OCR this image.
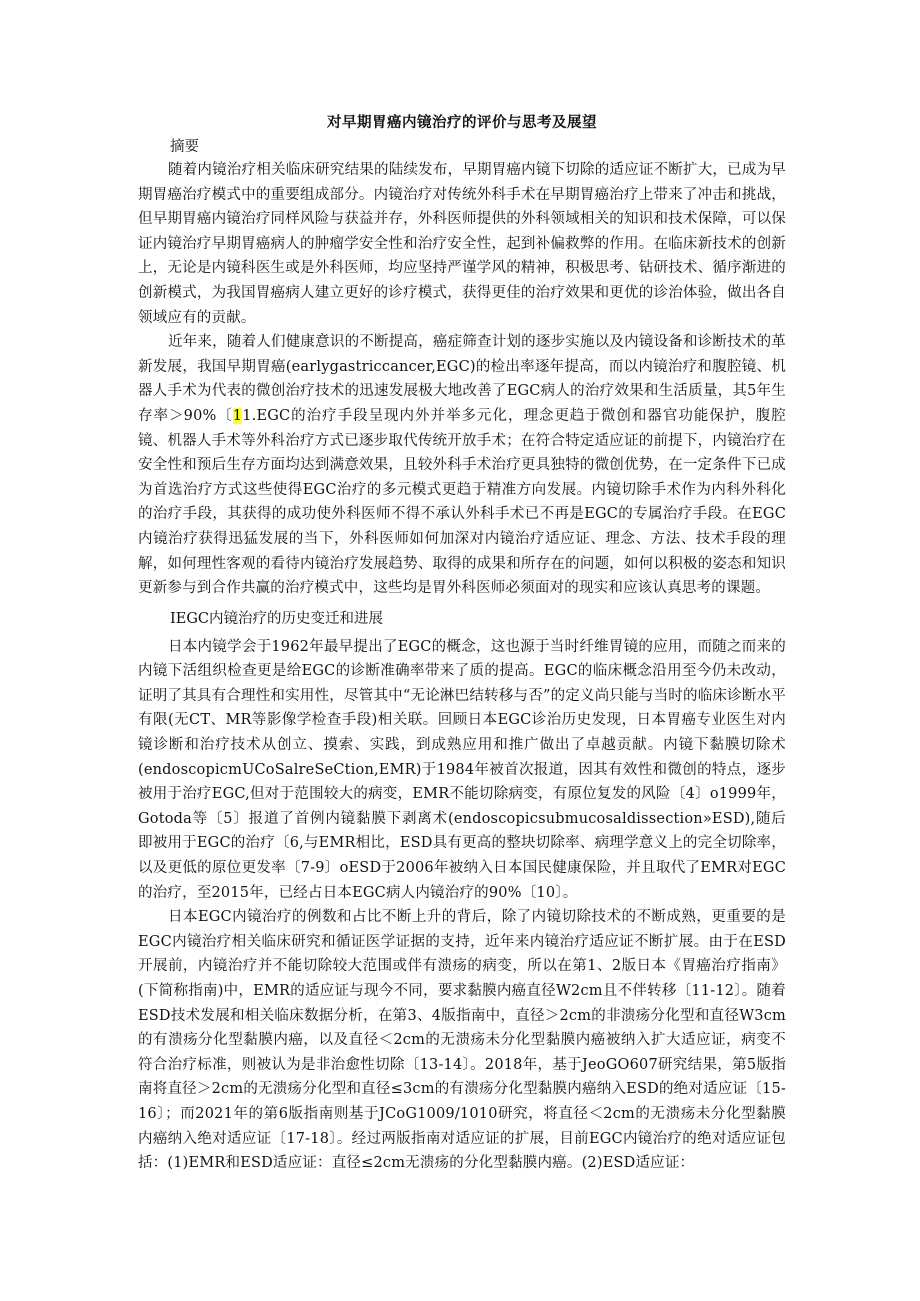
对早期胃癌内镜治疗的评价与思考及展望

摘要

随着内镜治疗相关临床研究结果的陆续发布，早期胃癌内镜下切除的适应证不断扩大，已成为早期胃癌治疗模式中的重要组成部分。内镜治疗对传统外科手术在早期胃癌治疗上带来了冲击和挑战，但早期胃癌内镜治疗同样风险与获益并存，外科医师提供的外科领域相关的知识和技术保障，可以保证内镜治疗早期胃癌病人的肿瘤学安全性和治疗安全性，起到补偏救弊的作用。在临床新技术的创新上，无论是内镜科医生或是外科医师，均应坚持严谨学风的精神，积极思考、钻研技术、循序渐进的创新模式，为我国胃癌病人建立更好的诊疗模式，获得更佳的治疗效果和更优的诊治体验，做出各自领域应有的贡献。

近年来，随着人们健康意识的不断提高，癌症筛查计划的逐步实施以及内镜设备和诊断技术的革新发展，我国早期胃癌(earlygastriccancer,EGC)的检出率逐年提高，而以内镜治疗和腹腔镜、机器人手术为代表的微创治疗技术的迅速发展极大地改善了EGC病人的治疗效果和生活质量，其5年生存率＞90%〔11.EGC的治疗手段呈现内外并举多元化，理念更趋于微创和器官功能保护，腹腔镜、机器人手术等外科治疗方式已逐步取代传统开放手术；在符合特定适应证的前提下，内镜治疗在安全性和预后生存方面均达到满意效果，且较外科手术治疗更具独特的微创优势，在一定条件下已成为首选治疗方式这些使得EGC治疗的多元模式更趋于精准方向发展。内镜切除手术作为内科外科化的治疗手段，其获得的成功使外科医师不得不承认外科手术已不再是EGC的专属治疗手段。在EGC内镜治疗获得迅猛发展的当下，外科医师如何加深对内镜治疗适应证、理念、方法、技术手段的理解，如何理性客观的看待内镜治疗发展趋势、取得的成果和所存在的问题，如何以积极的姿态和知识更新参与到合作共赢的治疗模式中，这些均是胃外科医师必须面对的现实和应该认真思考的课题。

IEGC内镜治疗的历史变迁和进展

日本内镜学会于1962年最早提出了EGC的概念，这也源于当时纤维胃镜的应用，而随之而来的内镜下活组织检查更是给EGC的诊断准确率带来了质的提高。EGC的临床概念沿用至今仍未改动，证明了其具有合理性和实用性，尽管其中“无论淋巴结转移与否”的定义尚只能与当时的临床诊断水平有限(无CT、MR等影像学检查手段)相关联。回顾日本EGC诊治历史发现，日本胃癌专业医生对内镜诊断和治疗技术从创立、摸索、实践，到成熟应用和推广做出了卓越贡献。内镜下黏膜切除术(endoscopicmUCoSalreSeCtion,EMR)于1984年被首次报道，因其有效性和微创的特点，逐步被用于治疗EGC,但对于范围较大的病变，EMR不能切除病变，有原位复发的风险〔4〕o1999年，Gotoda等〔5〕报道了首例内镜黏膜下剥离术(endoscopicsubmucosaldissection»ESD),随后即被用于EGC的治疗〔6,与EMR相比，ESD具有更高的整块切除率、病理学意义上的完全切除率，以及更低的原位更发率〔7-9〕oESD于2006年被纳入日本国民健康保险，并且取代了EMR对EGC的治疗，至2015年，已经占日本EGC病人内镜治疗的90%〔10〕。

日本EGC内镜治疗的例数和占比不断上升的背后，除了内镜切除技术的不断成熟，更重要的是EGC内镜治疗相关临床研究和循证医学证据的支持，近年来内镜治疗适应证不断扩展。由于在ESD开展前，内镜治疗并不能切除较大范围或伴有溃疡的病变，所以在第1、2版日本《胃癌治疗指南》(下简称指南)中，EMR的适应证与现今不同，要求黏膜内癌直径W2cm且不伴转移〔11-12〕。随着ESD技术发展和相关临床数据分析，在第3、4版指南中，直径＞2cm的非溃疡分化型和直径W3cm的有溃疡分化型黏膜内癌，以及直径＜2cm的无溃疡未分化型黏膜内癌被纳入扩大适应证，病变不符合治疗标准，则被认为是非治愈性切除〔13-14〕。2018年，基于JeoGO607研究结果，第5版指南将直径＞2cm的无溃疡分化型和直径≤3cm的有溃疡分化型黏膜内癌纳入ESD的绝对适应证〔15-16〕；而2021年的第6版指南则基于JCoG1009/1010研究，将直径＜2cm的无溃疡未分化型黏膜内癌纳入绝对适应证〔17-18〕。经过两版指南对适应证的扩展，目前EGC内镜治疗的绝对适应证包括：(1)EMR和ESD适应证：直径≤2cm无溃疡的分化型黏膜内癌。(2)ESD适应证：
